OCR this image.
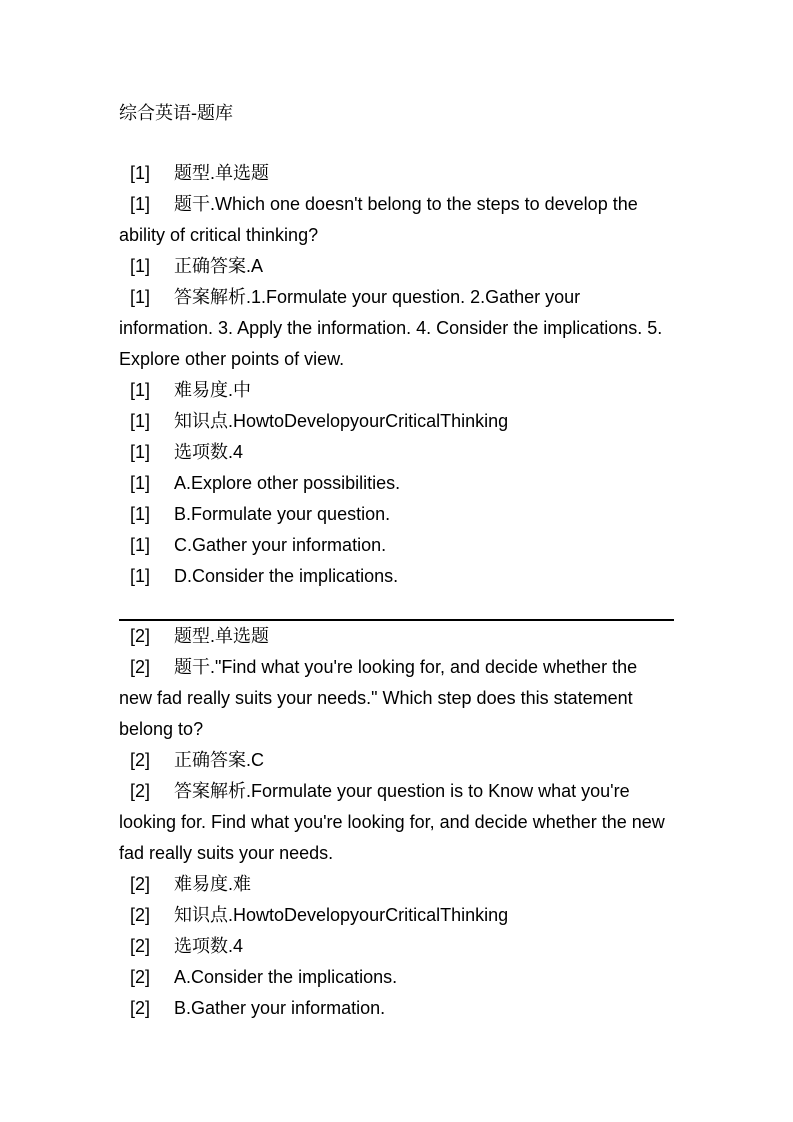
综合英语-题库
[1] 题型.单选题
[1] 题干.Which one doesn't belong to the steps to develop the ability of critical thinking?
[1] 正确答案.A
[1] 答案解析.1.Formulate your question. 2.Gather your information. 3. Apply the information. 4. Consider the implications. 5. Explore other points of view.
[1] 难易度.中
[1] 知识点.HowtoDevelopyourCriticalThinking
[1] 选项数.4
[1] A.Explore other possibilities.
[1] B.Formulate your question.
[1] C.Gather your information.
[1] D.Consider the implications.
[2] 题型.单选题
[2] 题干."Find what you're looking for, and decide whether the new fad really suits your needs." Which step does this statement belong to?
[2] 正确答案.C
[2] 答案解析.Formulate your question is to Know what you're looking for. Find what you're looking for, and decide whether the new fad really suits your needs.
[2] 难易度.难
[2] 知识点.HowtoDevelopyourCriticalThinking
[2] 选项数.4
[2] A.Consider the implications.
[2] B.Gather your information.
